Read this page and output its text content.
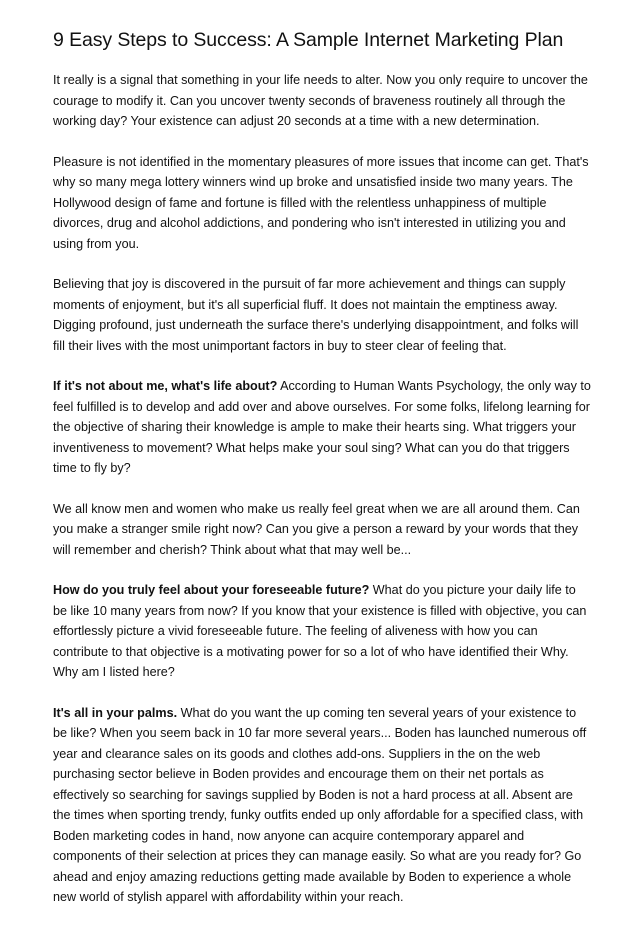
9 Easy Steps to Success: A Sample Internet Marketing Plan

It really is a signal that something in your life needs to alter. Now you only require to uncover the courage to modify it. Can you uncover twenty seconds of braveness routinely all through the working day? Your existence can adjust 20 seconds at a time with a new determination.

Pleasure is not identified in the momentary pleasures of more issues that income can get. That's why so many mega lottery winners wind up broke and unsatisfied inside two many years. The Hollywood design of fame and fortune is filled with the relentless unhappiness of multiple divorces, drug and alcohol addictions, and pondering who isn't interested in utilizing you and using from you.

Believing that joy is discovered in the pursuit of far more achievement and things can supply moments of enjoyment, but it's all superficial fluff. It does not maintain the emptiness away. Digging profound, just underneath the surface there's underlying disappointment, and folks will fill their lives with the most unimportant factors in buy to steer clear of feeling that.

If it's not about me, what's life about? According to Human Wants Psychology, the only way to feel fulfilled is to develop and add over and above ourselves. For some folks, lifelong learning for the objective of sharing their knowledge is ample to make their hearts sing. What triggers your inventiveness to movement? What helps make your soul sing? What can you do that triggers time to fly by?

We all know men and women who make us really feel great when we are all around them. Can you make a stranger smile right now? Can you give a person a reward by your words that they will remember and cherish? Think about what that may well be...

How do you truly feel about your foreseeable future? What do you picture your daily life to be like 10 many years from now? If you know that your existence is filled with objective, you can effortlessly picture a vivid foreseeable future. The feeling of aliveness with how you can contribute to that objective is a motivating power for so a lot of who have identified their Why. Why am I listed here?

It's all in your palms. What do you want the up coming ten several years of your existence to be like? When you seem back in 10 far more several years... Boden has launched numerous off year and clearance sales on its goods and clothes add-ons. Suppliers in the on the web purchasing sector believe in Boden provides and encourage them on their net portals as effectively so searching for savings supplied by Boden is not a hard process at all. Absent are the times when sporting trendy, funky outfits ended up only affordable for a specified class, with Boden marketing codes in hand, now anyone can acquire contemporary apparel and components of their selection at prices they can manage easily. So what are you ready for? Go ahead and enjoy amazing reductions getting made available by Boden to experience a whole new world of stylish apparel with affordability within your reach.
